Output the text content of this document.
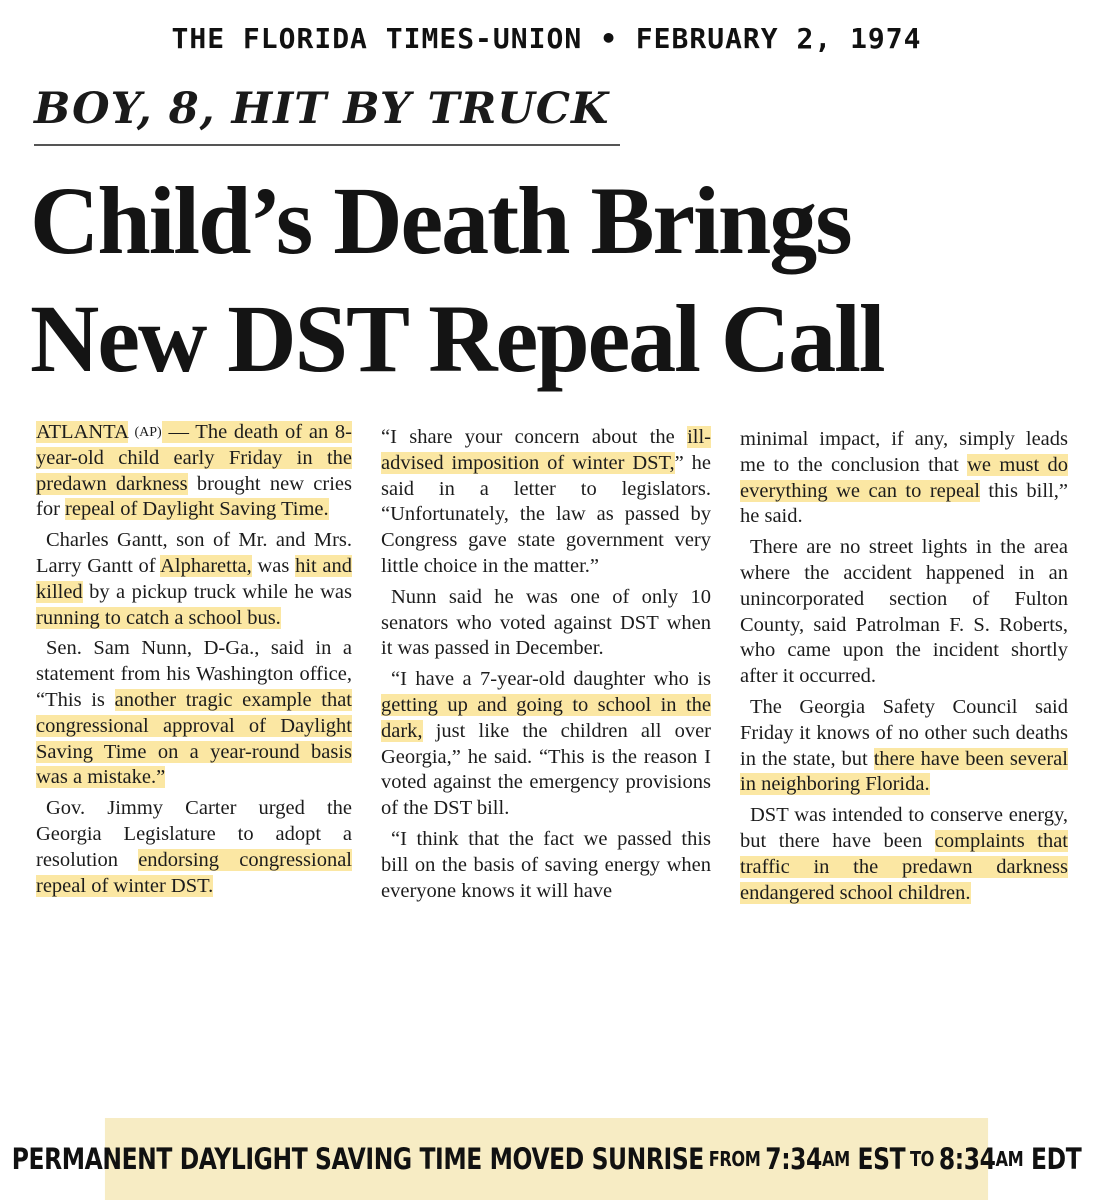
THE FLORIDA TIMES-UNION • FEBRUARY 2, 1974
BOY, 8, HIT BY TRUCK
Child’s Death Brings
New DST Repeal Call

ATLANTA (AP) — The death of an 8-year-old child early Friday in the predawn darkness brought new cries for repeal of Daylight Saving Time.

Charles Gantt, son of Mr. and Mrs. Larry Gantt of Alpharetta, was hit and killed by a pickup truck while he was running to catch a school bus.

Sen. Sam Nunn, D-Ga., said in a statement from his Washington office, “This is another tragic example that congressional approval of Daylight Saving Time on a year-round basis was a mistake.”

Gov. Jimmy Carter urged the Georgia Legislature to adopt a resolution endorsing congressional repeal of winter DST.

“I share your concern about the ill-advised imposition of winter DST,” he said in a letter to legislators. “Unfortunately, the law as passed by Congress gave state government very little choice in the matter.”

Nunn said he was one of only 10 senators who voted against DST when it was passed in December.

“I have a 7-year-old daughter who is getting up and going to school in the dark, just like the children all over Georgia,” he said. “This is the reason I voted against the emergency provisions of the DST bill.

“I think that the fact we passed this bill on the basis of saving energy when everyone knows it will have

minimal impact, if any, simply leads me to the conclusion that we must do everything we can to repeal this bill,” he said.

There are no street lights in the area where the accident happened in an unincorporated section of Fulton County, said Patrolman F. S. Roberts, who came upon the incident shortly after it occurred.

The Georgia Safety Council said Friday it knows of no other such deaths in the state, but there have been several in neighboring Florida.

DST was intended to conserve energy, but there have been complaints that traffic in the predawn darkness endangered school children.

PERMANENT DAYLIGHT SAVING TIME MOVED SUNRISE FROM 7:34 AM
EST TO 8:34 AM
EDT
